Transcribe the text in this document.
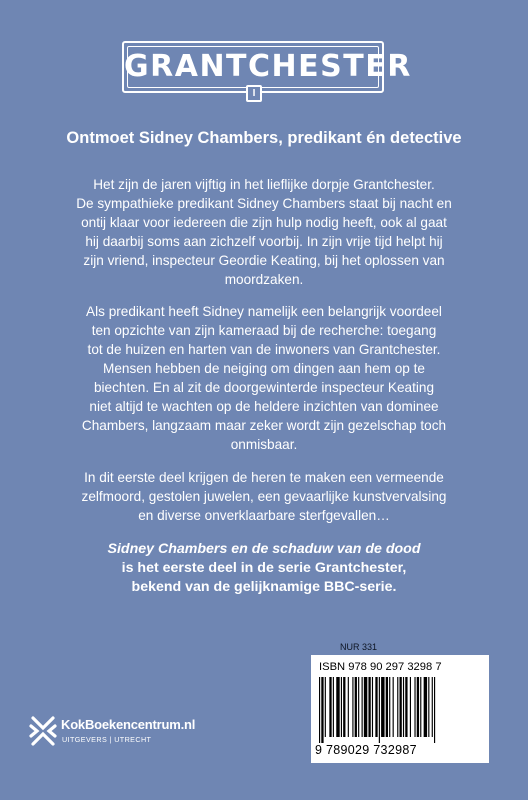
GRANTCHESTER
I
Ontmoet Sidney Chambers, predikant én detective
Het zijn de jaren vijftig in het lieflijke dorpje Grantchester.
De sympathieke predikant Sidney Chambers staat bij nacht en
ontij klaar voor iedereen die zijn hulp nodig heeft, ook al gaat
hij daarbij soms aan zichzelf voorbij. In zijn vrije tijd helpt hij
zijn vriend, inspecteur Geordie Keating, bij het oplossen van
moordzaken.
Als predikant heeft Sidney namelijk een belangrijk voordeel
ten opzichte van zijn kameraad bij de recherche: toegang
tot de huizen en harten van de inwoners van Grantchester.
Mensen hebben de neiging om dingen aan hem op te
biechten. En al zit de doorgewinterde inspecteur Keating
niet altijd te wachten op de heldere inzichten van dominee
Chambers, langzaam maar zeker wordt zijn gezelschap toch
onmisbaar.
In dit eerste deel krijgen de heren te maken een vermeende
zelfmoord, gestolen juwelen, een gevaarlijke kunstvervalsing
en diverse onverklaarbare sterfgevallen…
Sidney Chambers en de schaduw van de dood
is het eerste deel in de serie Grantchester,
bekend van de gelijknamige BBC-serie.
NUR 331
ISBN 978 90 297 3298 7
9 789029 732987
KokBoekencentrum.nl
UITGEVERS | UTRECHT
